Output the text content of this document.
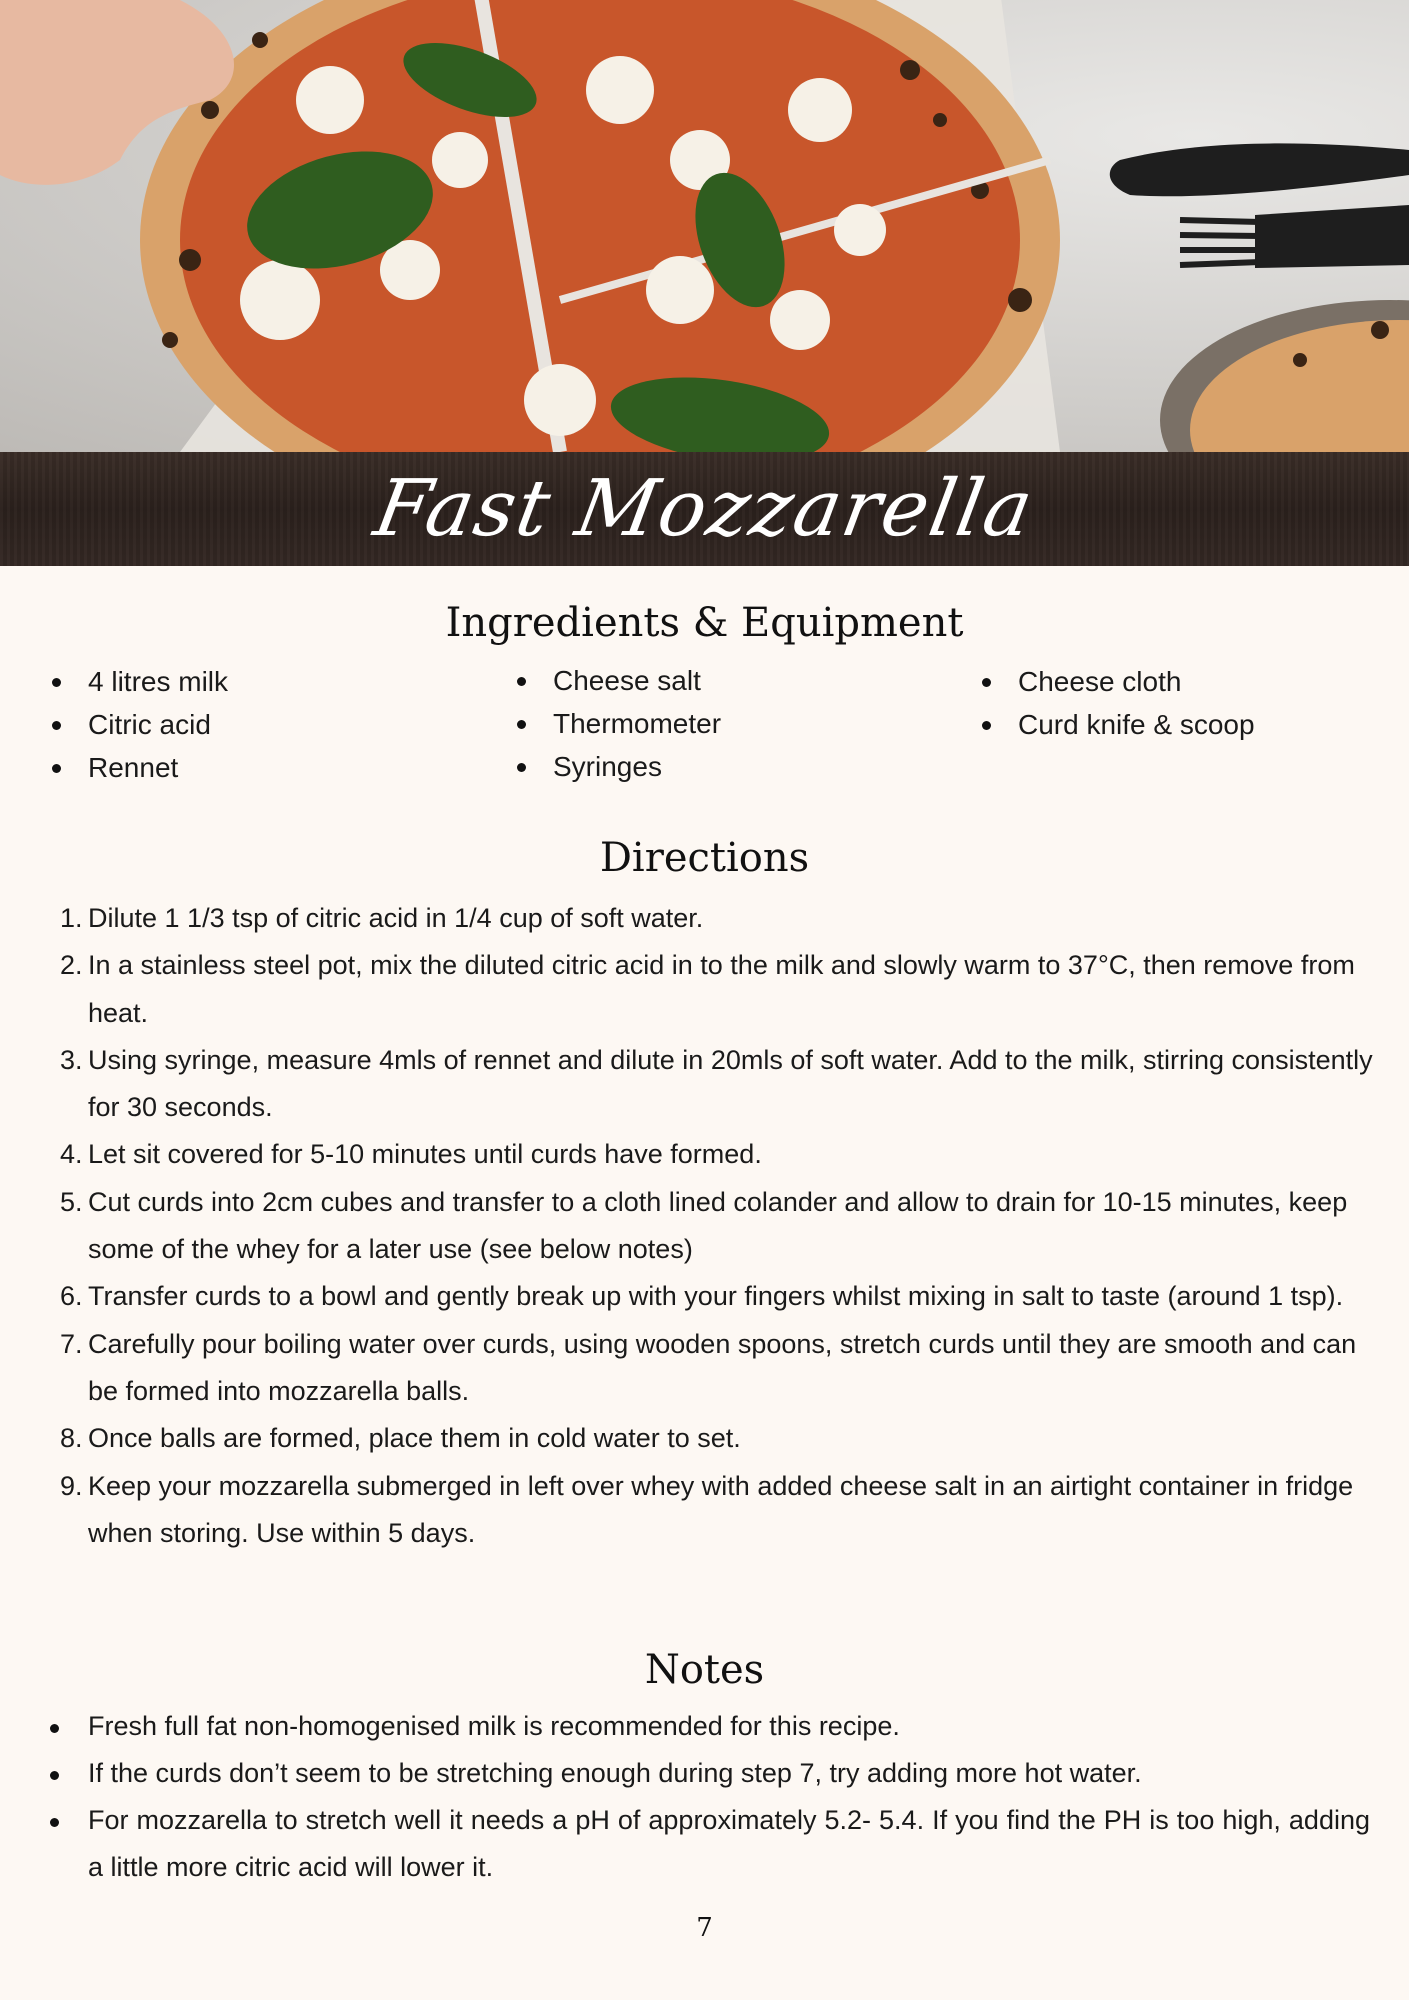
Fast Mozzarella
Ingredients & Equipment
4 litres milk
Citric acid
Rennet
Cheese salt
Thermometer
Syringes
Cheese cloth
Curd knife & scoop
Directions
1. Dilute 1 1/3 tsp of citric acid in 1/4 cup of soft water.
2. In a stainless steel pot, mix the diluted citric acid in to the milk and slowly warm to 37°C, then remove from heat.
3. Using syringe, measure 4mls of rennet and dilute in 20mls of soft water. Add to the milk, stirring consistently for 30 seconds.
4. Let sit covered for 5-10 minutes until curds have formed.
5. Cut curds into 2cm cubes and transfer to a cloth lined colander and allow to drain for 10-15 minutes, keep some of the whey for a later use (see below notes)
6. Transfer curds to a bowl and gently break up with your fingers whilst mixing in salt to taste (around 1 tsp).
7. Carefully pour boiling water over curds, using wooden spoons, stretch curds until they are smooth and can be formed into mozzarella balls.
8. Once balls are formed, place them in cold water to set.
9. Keep your mozzarella submerged in left over whey with added cheese salt in an airtight container in fridge when storing. Use within 5 days.
Notes
Fresh full fat non-homogenised milk is recommended for this recipe.
If the curds don’t seem to be stretching enough during step 7, try adding more hot water.
For mozzarella to stretch well it needs a pH of approximately 5.2- 5.4. If you find the PH is too high, adding a little more citric acid will lower it.
7
